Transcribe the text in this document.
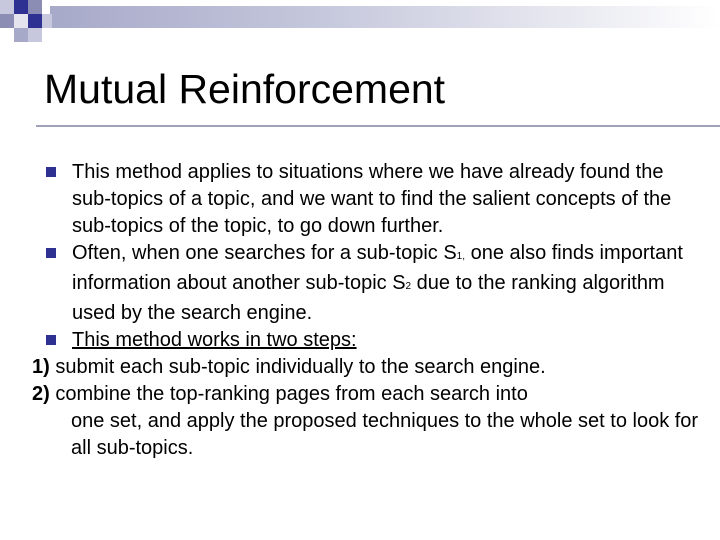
Mutual Reinforcement
This method applies to situations where we have already found the sub-topics of a topic, and we want to find the salient concepts of the sub-topics of the topic, to go down further.
Often, when one searches for a sub-topic S1, one also finds important information about another sub-topic S2 due to the ranking algorithm used by the search engine.
This method works in two steps:
1) submit each sub-topic individually to the search engine.
2) combine the top-ranking pages from each search into
one set, and apply the proposed techniques to the whole set to look for all sub-topics.
